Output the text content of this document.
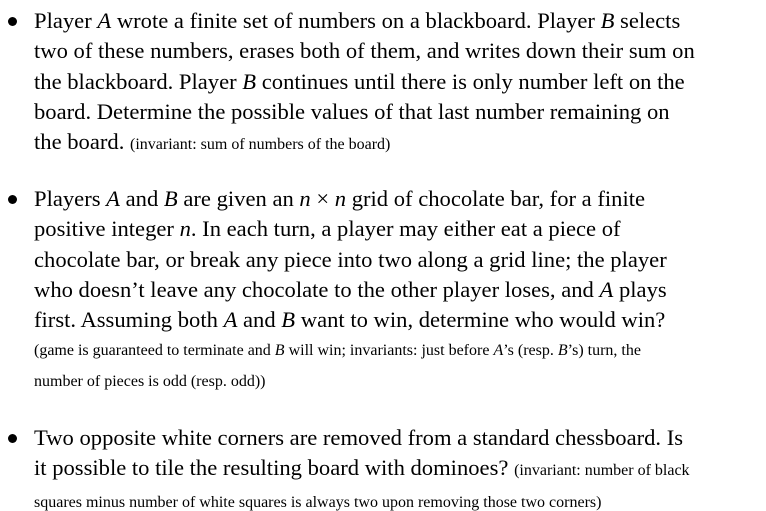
Player A wrote a finite set of numbers on a blackboard. Player B selects
two of these numbers, erases both of them, and writes down their sum on
the blackboard. Player B continues until there is only number left on the
board. Determine the possible values of that last number remaining on
the board. (invariant: sum of numbers of the board)
Players A and B are given an n × n grid of chocolate bar, for a finite
positive integer n. In each turn, a player may either eat a piece of
chocolate bar, or break any piece into two along a grid line; the player
who doesn’t leave any chocolate to the other player loses, and A plays
first. Assuming both A and B want to win, determine who would win?
(game is guaranteed to terminate and B will win; invariants: just before A’s (resp. B’s) turn, the
number of pieces is odd (resp. odd))
Two opposite white corners are removed from a standard chessboard. Is
it possible to tile the resulting board with dominoes? (invariant: number of black
squares minus number of white squares is always two upon removing those two corners)
